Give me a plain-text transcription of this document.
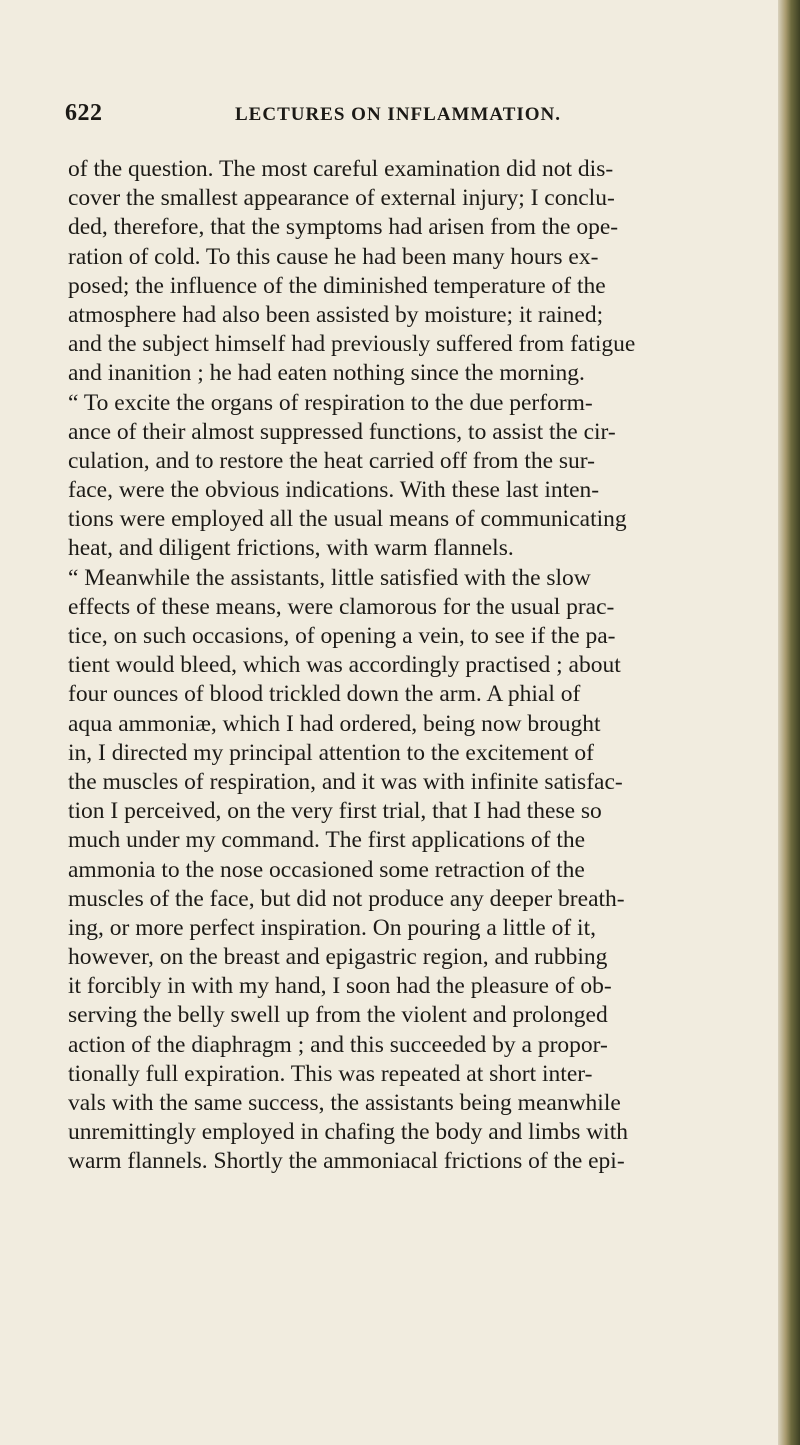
622	LECTURES ON INFLAMMATION.
of the question. The most careful examination did not dis-
cover the smallest appearance of external injury; I conclu-
ded, therefore, that the symptoms had arisen from the ope-
ration of cold. To this cause he had been many hours ex-
posed; the influence of the diminished temperature of the
atmosphere had also been assisted by moisture; it rained;
and the subject himself had previously suffered from fatigue
and inanition ; he had eaten nothing since the morning.
“ To excite the organs of respiration to the due perform-
ance of their almost suppressed functions, to assist the cir-
culation, and to restore the heat carried off from the sur-
face, were the obvious indications. With these last inten-
tions were employed all the usual means of communicating
heat, and diligent frictions, with warm flannels.
“ Meanwhile the assistants, little satisfied with the slow
effects of these means, were clamorous for the usual prac-
tice, on such occasions, of opening a vein, to see if the pa-
tient would bleed, which was accordingly practised ; about
four ounces of blood trickled down the arm. A phial of
aqua ammoniæ, which I had ordered, being now brought
in, I directed my principal attention to the excitement of
the muscles of respiration, and it was with infinite satisfac-
tion I perceived, on the very first trial, that I had these so
much under my command. The first applications of the
ammonia to the nose occasioned some retraction of the
muscles of the face, but did not produce any deeper breath-
ing, or more perfect inspiration. On pouring a little of it,
however, on the breast and epigastric region, and rubbing
it forcibly in with my hand, I soon had the pleasure of ob-
serving the belly swell up from the violent and prolonged
action of the diaphragm ; and this succeeded by a propor-
tionally full expiration. This was repeated at short inter-
vals with the same success, the assistants being meanwhile
unremittingly employed in chafing the body and limbs with
warm flannels. Shortly the ammoniacal frictions of the epi-
